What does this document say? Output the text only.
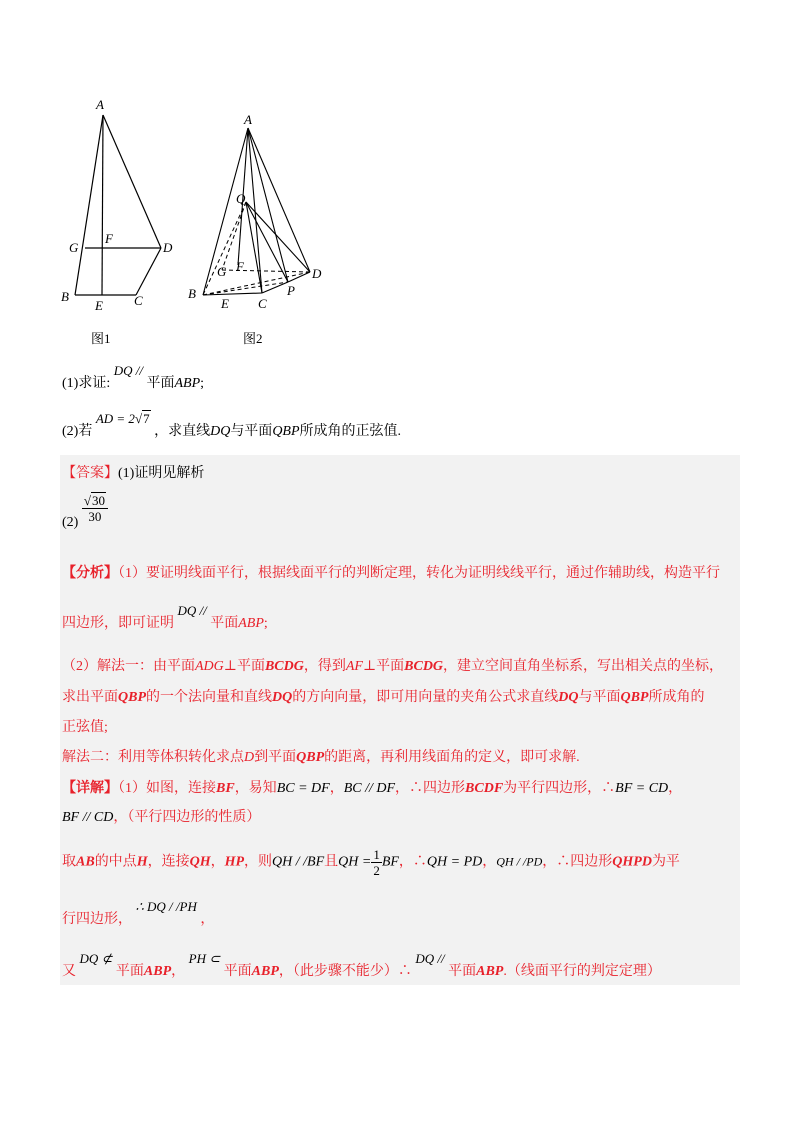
A
G
F
D
B
E C
图1
A
Q
G F	D
P
B
E C
图2
(1)求证: DQ // 平面ABP;
(2)若 AD = 2√7 ，求直线DQ与平面QBP所成角的正弦值.
【答案】(1)证明见解析
$(2) \frac{√30}{30}$
【分析】（1）要证明线面平行，根据线面平行的判断定理，转化为证明线线平行，通过作辅助线，构造平行
四边形，即可证明 DQ // 平面ABP;
（2）解法一：由平面ADG⊥平面BCDG，得到AF⊥平面BCDG，建立空间直角坐标系，写出相关点的坐标，
求出平面QBP的一个法向量和直线DQ的方向向量，即可用向量的夹角公式求直线DQ与平面QBP所成角的
正弦值;
解法二：利用等体积转化求点D到平面QBP的距离，再利用线面角的定义，即可求解.
【详解】（1）如图，连接BF，易知BC = DF，BC // DF，∴四边形BCDF为平行四边形，∴BF = CD，
BF // CD，（平行四边形的性质）
取AB的中点H，连接QH，HP，则QH / /BF且QH = $\frac{1}{2}$ BF，∴QH = PD，QH / /PD，∴四边形QHPD为平
行四边形， ∴ DQ / /PH ，
又 DQ ⊄ 平面ABP， PH ⊂ 平面ABP，（此步骤不能少）∴ DQ // 平面ABP.（线面平行的判定定理）
